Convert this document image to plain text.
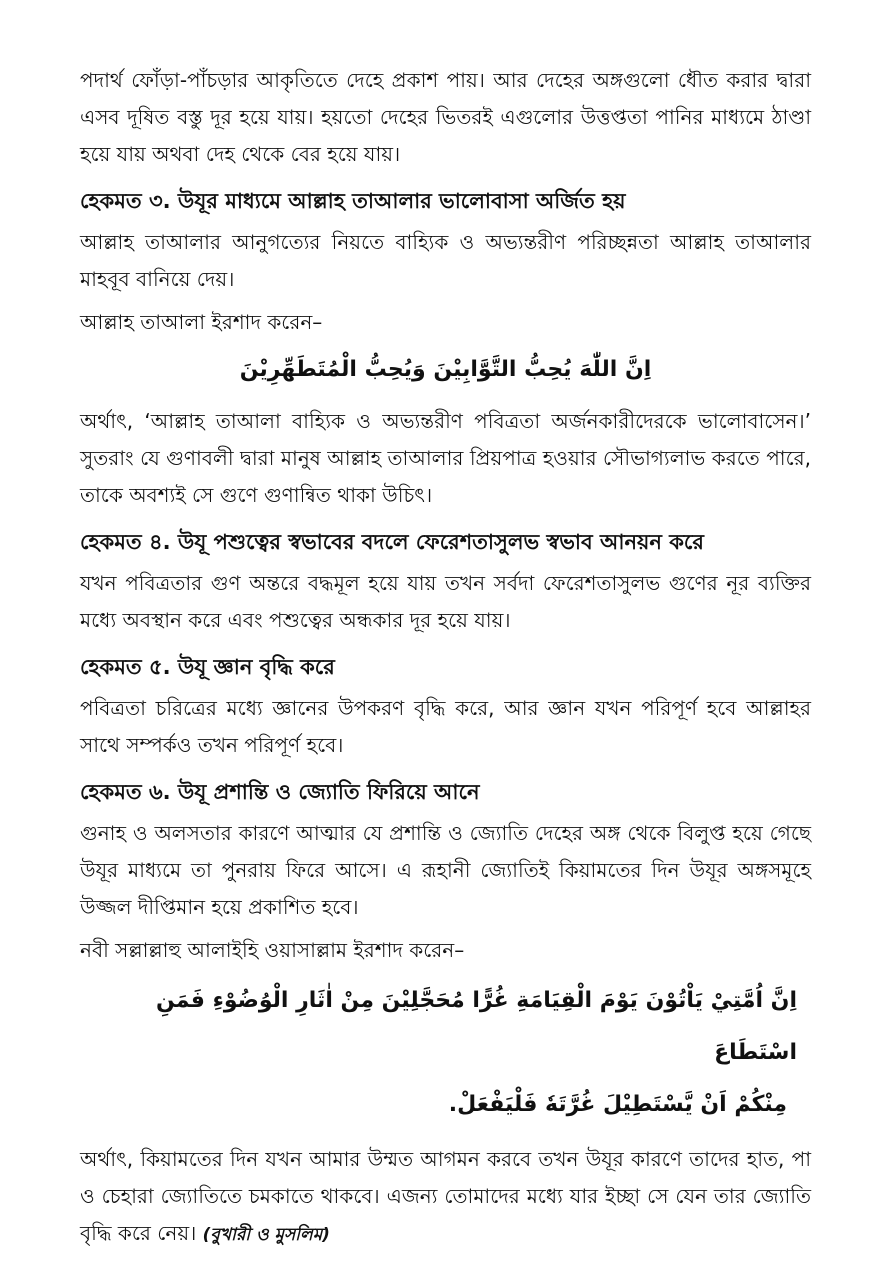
পদার্থ ফোঁড়া-পাঁচড়ার আকৃতিতে দেহে প্রকাশ পায়। আর দেহের অঙ্গগুলো ধৌত করার দ্বারা এসব দূষিত বস্তু দূর হয়ে যায়। হয়তো দেহের ভিতরই এগুলোর উত্তপ্ততা পানির মাধ্যমে ঠাণ্ডা হয়ে যায় অথবা দেহ থেকে বের হয়ে যায়।

হেকমত ৩. উযূর মাধ্যমে আল্লাহ তাআলার ভালোবাসা অর্জিত হয়

আল্লাহ তাআলার আনুগত্যের নিয়তে বাহ্যিক ও অভ্যন্তরীণ পরিচ্ছন্নতা আল্লাহ তাআলার মাহবূব বানিয়ে দেয়।

আল্লাহ তাআলা ইরশাদ করেন–

اِنَّ اللّٰهَ يُحِبُّ التَّوَّابِيْنَ وَيُحِبُّ الْمُتَطَهِّرِيْنَ

অর্থাৎ, ‘আল্লাহ তাআলা বাহ্যিক ও অভ্যন্তরীণ পবিত্রতা অর্জনকারীদেরকে ভালোবাসেন।’ সুতরাং যে গুণাবলী দ্বারা মানুষ আল্লাহ তাআলার প্রিয়পাত্র হওয়ার সৌভাগ্যলাভ করতে পারে, তাকে অবশ্যই সে গুণে গুণান্বিত থাকা উচিৎ।

হেকমত ৪. উযূ পশুত্বের স্বভাবের বদলে ফেরেশতাসুলভ স্বভাব আনয়ন করে

যখন পবিত্রতার গুণ অন্তরে বদ্ধমূল হয়ে যায় তখন সর্বদা ফেরেশতাসুলভ গুণের নূর ব্যক্তির মধ্যে অবস্থান করে এবং পশুত্বের অন্ধকার দূর হয়ে যায়।

হেকমত ৫. উযূ জ্ঞান বৃদ্ধি করে

পবিত্রতা চরিত্রের মধ্যে জ্ঞানের উপকরণ বৃদ্ধি করে, আর জ্ঞান যখন পরিপূর্ণ হবে আল্লাহর সাথে সম্পর্কও তখন পরিপূর্ণ হবে।

হেকমত ৬. উযূ প্রশান্তি ও জ্যোতি ফিরিয়ে আনে

গুনাহ ও অলসতার কারণে আত্মার যে প্রশান্তি ও জ্যোতি দেহের অঙ্গ থেকে বিলুপ্ত হয়ে গেছে উযূর মাধ্যমে তা পুনরায় ফিরে আসে। এ রূহানী জ্যোতিই কিয়ামতের দিন উযূর অঙ্গসমূহে উজ্জল দীপ্তিমান হয়ে প্রকাশিত হবে।

নবী সল্লাল্লাহু আলাইহি ওয়াসাল্লাম ইরশাদ করেন–

اِنَّ اُمَّتِيْ يَاْتُوْنَ يَوْمَ الْقِيَامَةِ غُرًّا مُحَجَّلِيْنَ مِنْ اٰثَارِ الْوُضُوْءِ فَمَنِ اسْتَطَاعَ
مِنْكُمْ اَنْ يَّسْتَطِيْلَ غُرَّتَهٗ فَلْيَفْعَلْ.

অর্থাৎ, কিয়ামতের দিন যখন আমার উম্মত আগমন করবে তখন উযূর কারণে তাদের হাত, পা ও চেহারা জ্যোতিতে চমকাতে থাকবে। এজন্য তোমাদের মধ্যে যার ইচ্ছা সে যেন তার জ্যোতি বৃদ্ধি করে নেয়। (বুখারী ও মুসলিম)
